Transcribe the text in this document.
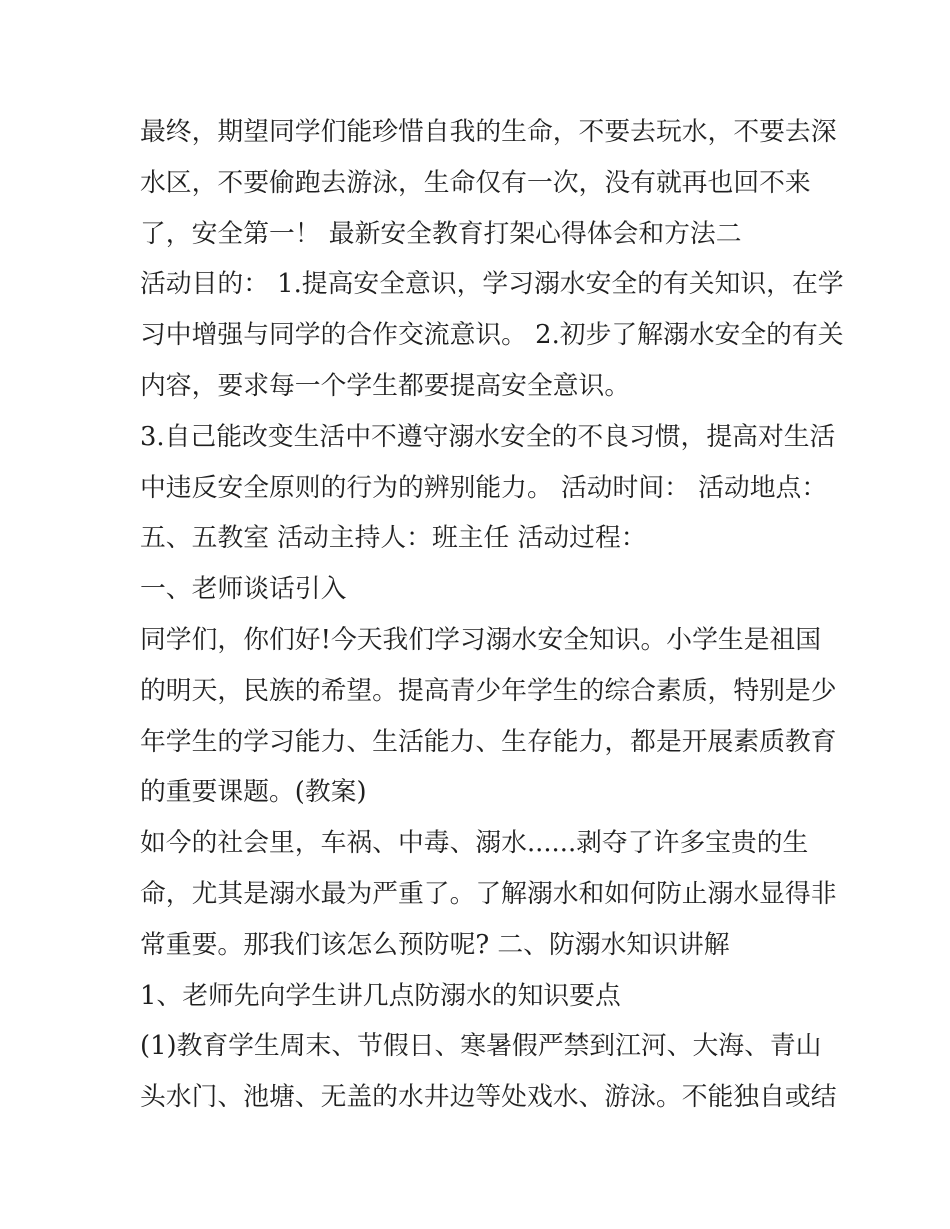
最终，期望同学们能珍惜自我的生命，不要去玩水，不要去深
水区，不要偷跑去游泳，生命仅有一次，没有就再也回不来
了，安全第一！ 最新安全教育打架心得体会和方法二
活动目的： 1.提高安全意识，学习溺水安全的有关知识，在学
习中增强与同学的合作交流意识。 2.初步了解溺水安全的有关
内容，要求每一个学生都要提高安全意识。
3.自己能改变生活中不遵守溺水安全的不良习惯，提高对生活
中违反安全原则的行为的辨别能力。 活动时间： 活动地点：
五、五教室 活动主持人：班主任 活动过程：
一、老师谈话引入
同学们，你们好!今天我们学习溺水安全知识。小学生是祖国
的明天，民族的希望。提高青少年学生的综合素质，特别是少
年学生的学习能力、生活能力、生存能力，都是开展素质教育
的重要课题。(教案)
如今的社会里，车祸、中毒、溺水......剥夺了许多宝贵的生
命，尤其是溺水最为严重了。了解溺水和如何防止溺水显得非
常重要。那我们该怎么预防呢? 二、防溺水知识讲解
1、老师先向学生讲几点防溺水的知识要点
(1)教育学生周末、节假日、寒暑假严禁到江河、大海、青山
头水门、池塘、无盖的水井边等处戏水、游泳。不能独自或结
